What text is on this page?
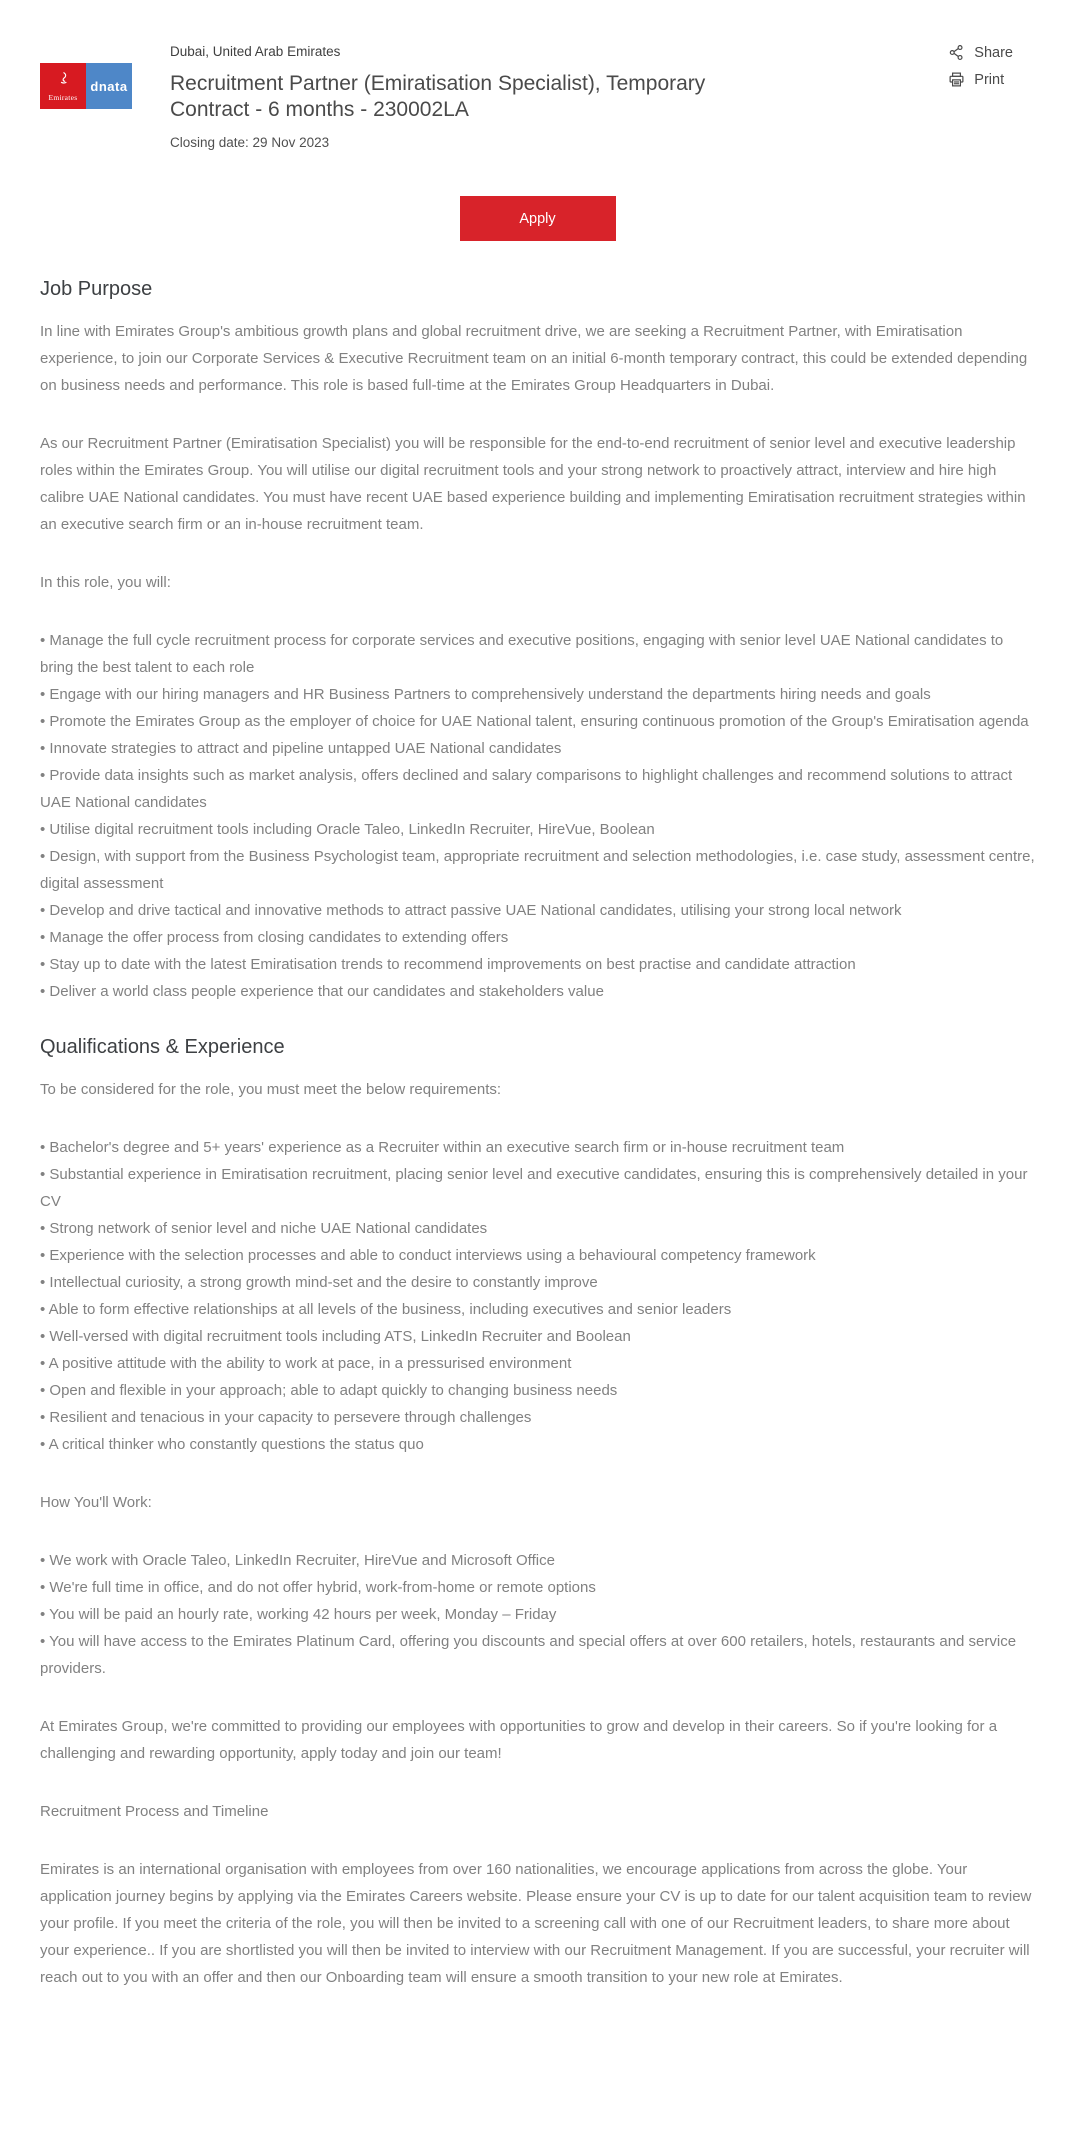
Emirates
dnata
Dubai, United Arab Emirates
Recruitment Partner (Emiratisation Specialist), Temporary Contract - 6 months - 230002LA
Closing date: 29 Nov 2023
Share
Print
Apply
Job Purpose

In line with Emirates Group's ambitious growth plans and global recruitment drive, we are seeking a Recruitment Partner, with Emiratisation experience, to join our Corporate Services & Executive Recruitment team on an initial 6-month temporary contract, this could be extended depending on business needs and performance. This role is based full-time at the Emirates Group Headquarters in Dubai.

As our Recruitment Partner (Emiratisation Specialist) you will be responsible for the end-to-end recruitment of senior level and executive leadership roles within the Emirates Group. You will utilise our digital recruitment tools and your strong network to proactively attract, interview and hire high calibre UAE National candidates. You must have recent UAE based experience building and implementing Emiratisation recruitment strategies within an executive search firm or an in-house recruitment team.

In this role, you will:

• Manage the full cycle recruitment process for corporate services and executive positions, engaging with senior level UAE National candidates to bring the best talent to each role
• Engage with our hiring managers and HR Business Partners to comprehensively understand the departments hiring needs and goals
• Promote the Emirates Group as the employer of choice for UAE National talent, ensuring continuous promotion of the Group's Emiratisation agenda
• Innovate strategies to attract and pipeline untapped UAE National candidates
• Provide data insights such as market analysis, offers declined and salary comparisons to highlight challenges and recommend solutions to attract UAE National candidates
• Utilise digital recruitment tools including Oracle Taleo, LinkedIn Recruiter, HireVue, Boolean
• Design, with support from the Business Psychologist team, appropriate recruitment and selection methodologies, i.e. case study, assessment centre, digital assessment
• Develop and drive tactical and innovative methods to attract passive UAE National candidates, utilising your strong local network
• Manage the offer process from closing candidates to extending offers
• Stay up to date with the latest Emiratisation trends to recommend improvements on best practise and candidate attraction
• Deliver a world class people experience that our candidates and stakeholders value
Qualifications & Experience

To be considered for the role, you must meet the below requirements:

• Bachelor's degree and 5+ years' experience as a Recruiter within an executive search firm or in-house recruitment team
• Substantial experience in Emiratisation recruitment, placing senior level and executive candidates, ensuring this is comprehensively detailed in your CV
• Strong network of senior level and niche UAE National candidates
• Experience with the selection processes and able to conduct interviews using a behavioural competency framework
• Intellectual curiosity, a strong growth mind-set and the desire to constantly improve
• Able to form effective relationships at all levels of the business, including executives and senior leaders
• Well-versed with digital recruitment tools including ATS, LinkedIn Recruiter and Boolean
• A positive attitude with the ability to work at pace, in a pressurised environment
• Open and flexible in your approach; able to adapt quickly to changing business needs
• Resilient and tenacious in your capacity to persevere through challenges
• A critical thinker who constantly questions the status quo

How You'll Work:

• We work with Oracle Taleo, LinkedIn Recruiter, HireVue and Microsoft Office
• We're full time in office, and do not offer hybrid, work-from-home or remote options
• You will be paid an hourly rate, working 42 hours per week, Monday – Friday
• You will have access to the Emirates Platinum Card, offering you discounts and special offers at over 600 retailers, hotels, restaurants and service providers.

At Emirates Group, we're committed to providing our employees with opportunities to grow and develop in their careers. So if you're looking for a challenging and rewarding opportunity, apply today and join our team!

Recruitment Process and Timeline

Emirates is an international organisation with employees from over 160 nationalities, we encourage applications from across the globe. Your application journey begins by applying via the Emirates Careers website. Please ensure your CV is up to date for our talent acquisition team to review your profile. If you meet the criteria of the role, you will then be invited to a screening call with one of our Recruitment leaders, to share more about your experience.. If you are shortlisted you will then be invited to interview with our Recruitment Management. If you are successful, your recruiter will reach out to you with an offer and then our Onboarding team will ensure a smooth transition to your new role at Emirates.
